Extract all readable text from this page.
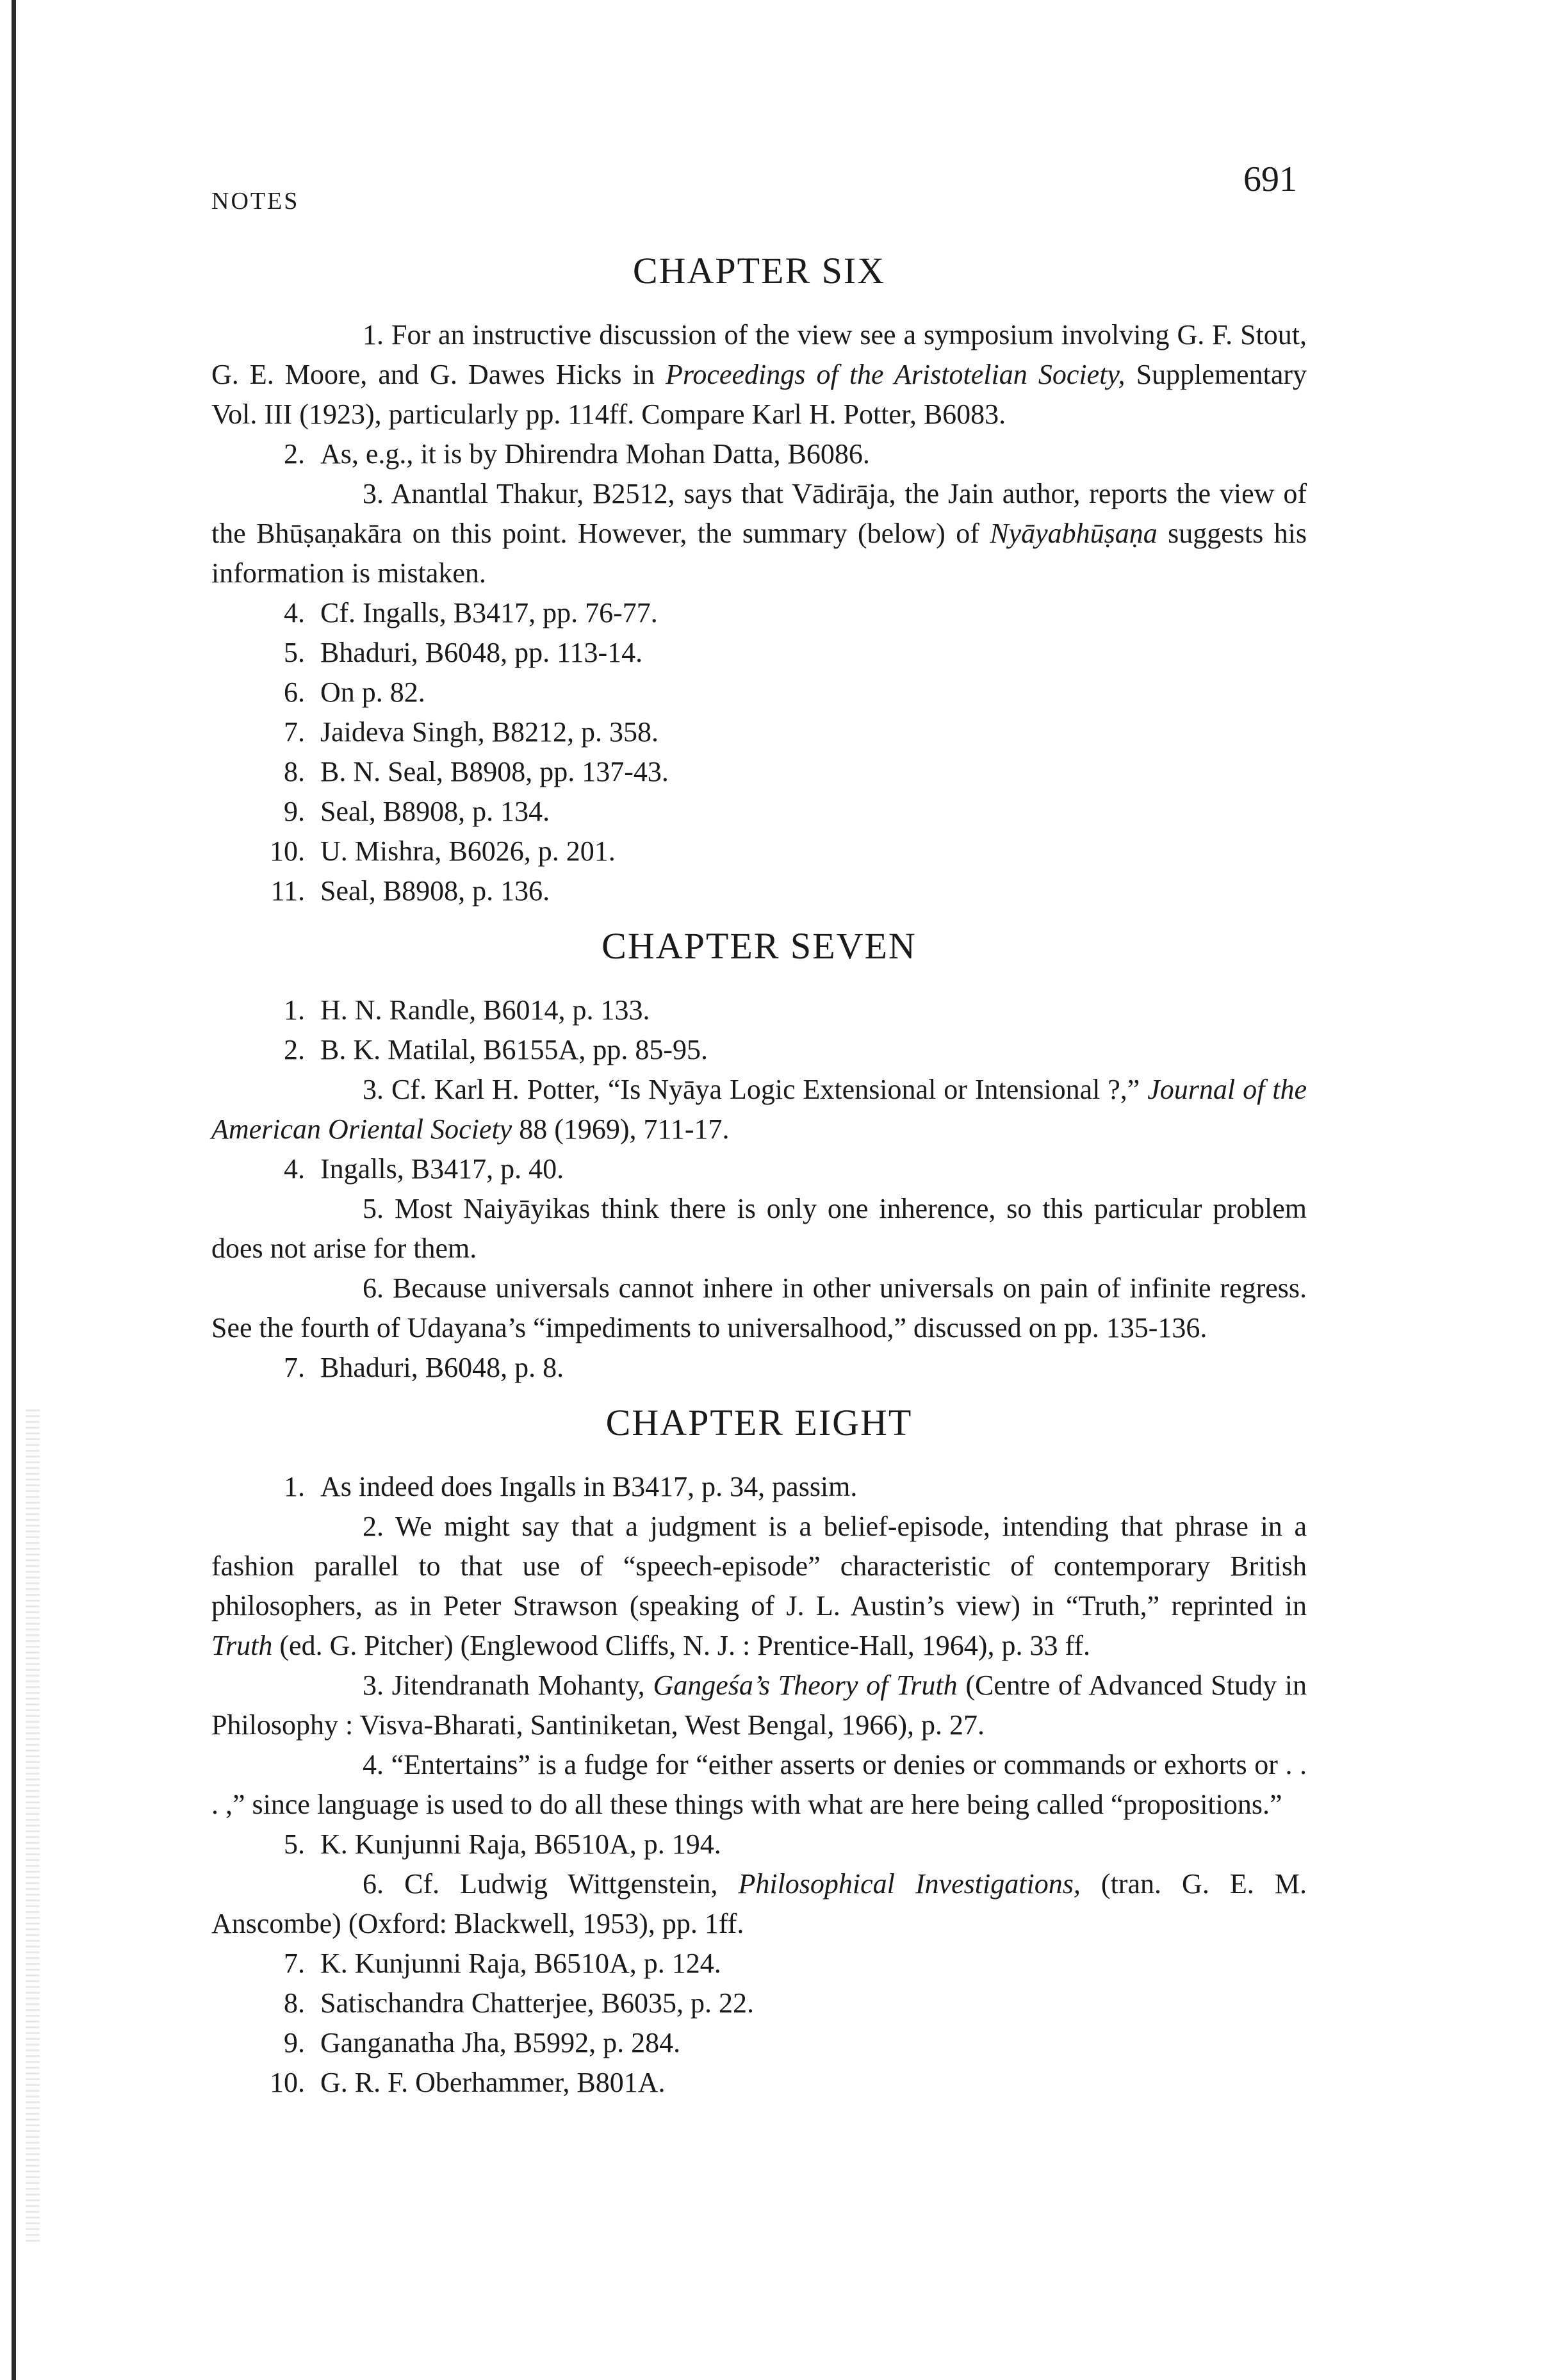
NOTES
691
CHAPTER SIX

1. For an instructive discussion of the view see a symposium involving G. F. Stout, G. E. Moore, and G. Dawes Hicks in Proceedings of the Aristotelian Society, Supplementary Vol. III (1923), particularly pp. 114ff. Compare Karl H. Potter, B6083.

2. As, e.g., it is by Dhirendra Mohan Datta, B6086.

3. Anantlal Thakur, B2512, says that Vādirāja, the Jain author, reports the view of the Bhūṣaṇakāra on this point. However, the summary (below) of Nyāyabhūṣaṇa suggests his information is mistaken.

4. Cf. Ingalls, B3417, pp. 76-77.

5. Bhaduri, B6048, pp. 113-14.

6. On p. 82.

7. Jaideva Singh, B8212, p. 358.

8. B. N. Seal, B8908, pp. 137-43.

9. Seal, B8908, p. 134.

10. U. Mishra, B6026, p. 201.

11. Seal, B8908, p. 136.

CHAPTER SEVEN

1. H. N. Randle, B6014, p. 133.

2. B. K. Matilal, B6155A, pp. 85-95.

3. Cf. Karl H. Potter, “Is Nyāya Logic Extensional or Intensional ?,” Journal of the American Oriental Society 88 (1969), 711-17.

4. Ingalls, B3417, p. 40.

5. Most Naiyāyikas think there is only one inherence, so this particular problem does not arise for them.

6. Because universals cannot inhere in other universals on pain of infinite regress. See the fourth of Udayana’s “impediments to universalhood,” discussed on pp. 135-136.

7. Bhaduri, B6048, p. 8.

CHAPTER EIGHT

1. As indeed does Ingalls in B3417, p. 34, passim.

2. We might say that a judgment is a belief-episode, intending that phrase in a fashion parallel to that use of “speech-episode” characteristic of contemporary British philosophers, as in Peter Strawson (speaking of J. L. Austin’s view) in “Truth,” reprinted in Truth (ed. G. Pitcher) (Englewood Cliffs, N. J. : Prentice-Hall, 1964), p. 33 ff.

3. Jitendranath Mohanty, Gangeśa’s Theory of Truth (Centre of Advanced Study in Philosophy : Visva-Bharati, Santiniketan, West Bengal, 1966), p. 27.

4. “Entertains” is a fudge for “either asserts or denies or commands or exhorts or . . . ,” since language is used to do all these things with what are here being called “propositions.”

5. K. Kunjunni Raja, B6510A, p. 194.

6. Cf. Ludwig Wittgenstein, Philosophical Investigations, (tran. G. E. M. Anscombe) (Oxford: Blackwell, 1953), pp. 1ff.

7. K. Kunjunni Raja, B6510A, p. 124.

8. Satischandra Chatterjee, B6035, p. 22.

9. Ganganatha Jha, B5992, p. 284.

10. G. R. F. Oberhammer, B801A.
